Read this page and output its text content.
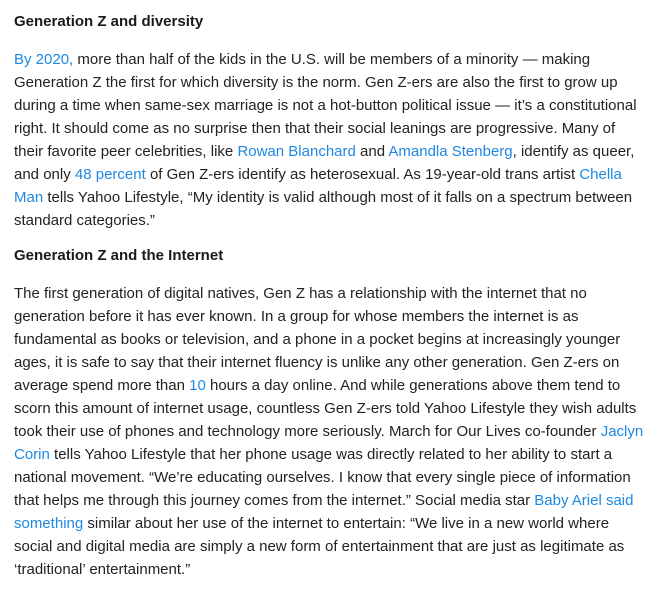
Generation Z and diversity

By 2020, more than half of the kids in the U.S. will be members of a minority — making Generation Z the first for which diversity is the norm. Gen Z-ers are also the first to grow up during a time when same-sex marriage is not a hot-button political issue — it’s a constitutional right. It should come as no surprise then that their social leanings are progressive. Many of their favorite peer celebrities, like Rowan Blanchard and Amandla Stenberg, identify as queer, and only 48 percent of Gen Z-ers identify as heterosexual. As 19-year-old trans artist Chella Man tells Yahoo Lifestyle, “My identity is valid although most of it falls on a spectrum between standard categories.”

Generation Z and the Internet

The first generation of digital natives, Gen Z has a relationship with the internet that no generation before it has ever known. In a group for whose members the internet is as fundamental as books or television, and a phone in a pocket begins at increasingly younger ages, it is safe to say that their internet fluency is unlike any other generation. Gen Z-ers on average spend more than 10 hours a day online. And while generations above them tend to scorn this amount of internet usage, countless Gen Z-ers told Yahoo Lifestyle they wish adults took their use of phones and technology more seriously. March for Our Lives co-founder Jaclyn Corin tells Yahoo Lifestyle that her phone usage was directly related to her ability to start a national movement. “We’re educating ourselves. I know that every single piece of information that helps me through this journey comes from the internet.” Social media star Baby Ariel said something similar about her use of the internet to entertain: “We live in a new world where social and digital media are simply a new form of entertainment that are just as legitimate as ‘traditional’ entertainment.”
